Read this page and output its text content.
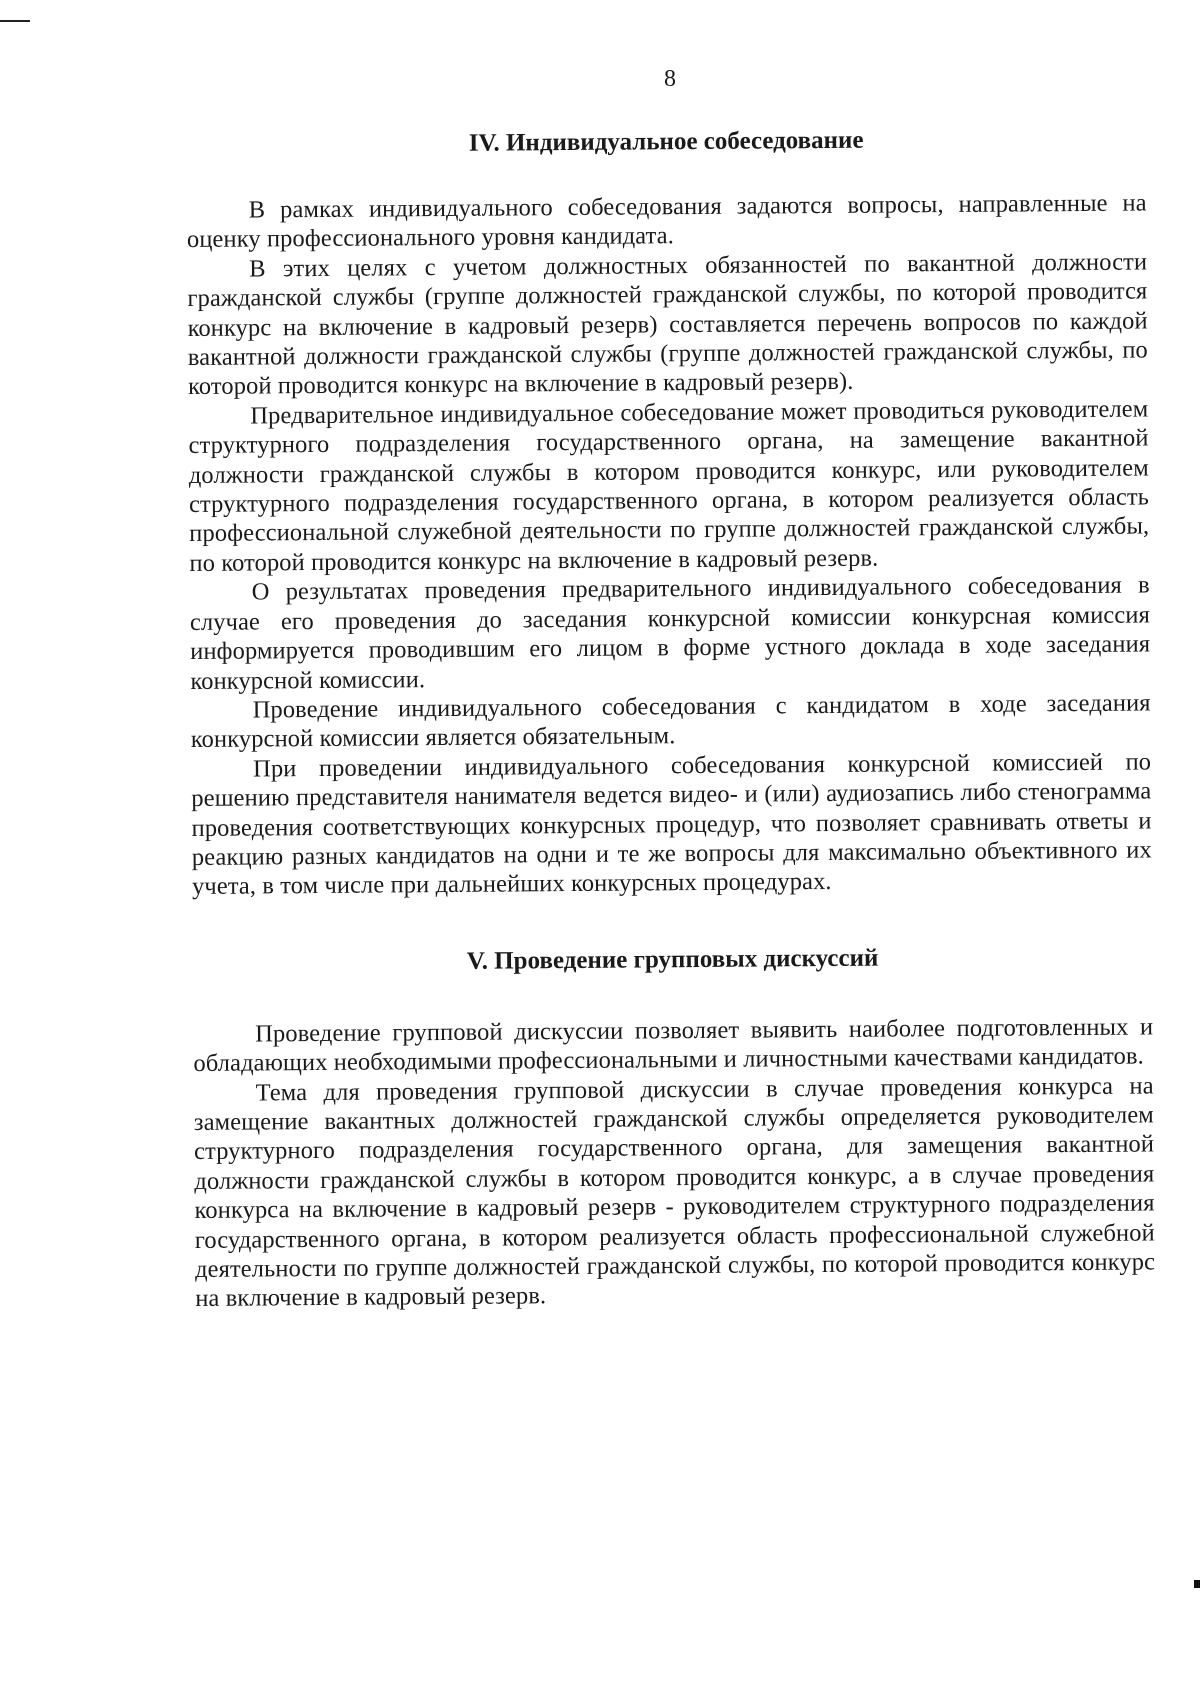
8
IV. Индивидуальное собеседование

В рамках индивидуального собеседования задаются вопросы, направленные на оценку профессионального уровня кандидата.

В этих целях с учетом должностных обязанностей по вакантной должности гражданской службы (группе должностей гражданской службы, по которой проводится конкурс на включение в кадровый резерв) составляется перечень вопросов по каждой вакантной должности гражданской службы (группе должностей гражданской службы, по которой проводится конкурс на включение в кадровый резерв).

Предварительное индивидуальное собеседование может проводиться руководителем структурного подразделения государственного органа, на замещение вакантной должности гражданской службы в котором проводится конкурс, или руководителем структурного подразделения государственного органа, в котором реализуется область профессиональной служебной деятельности по группе должностей гражданской службы, по которой проводится конкурс на включение в кадровый резерв.

О результатах проведения предварительного индивидуального собеседования в случае его проведения до заседания конкурсной комиссии конкурсная комиссия информируется проводившим его лицом в форме устного доклада в ходе заседания конкурсной комиссии.

Проведение индивидуального собеседования с кандидатом в ходе заседания конкурсной комиссии является обязательным.

При проведении индивидуального собеседования конкурсной комиссией по решению представителя нанимателя ведется видео- и (или) аудиозапись либо стенограмма проведения соответствующих конкурсных процедур, что позволяет сравнивать ответы и реакцию разных кандидатов на одни и те же вопросы для максимально объективного их учета, в том числе при дальнейших конкурсных процедурах.

V. Проведение групповых дискуссий

Проведение групповой дискуссии позволяет выявить наиболее подготовленных и обладающих необходимыми профессиональными и личностными качествами кандидатов.

Тема для проведения групповой дискуссии в случае проведения конкурса на замещение вакантных должностей гражданской службы определяется руководителем структурного подразделения государственного органа, для замещения вакантной должности гражданской службы в котором проводится конкурс, а в случае проведения конкурса на включение в кадровый резерв - руководителем структурного подразделения государственного органа, в котором реализуется область профессиональной служебной деятельности по группе должностей гражданской службы, по которой проводится конкурс на включение в кадровый резерв.
